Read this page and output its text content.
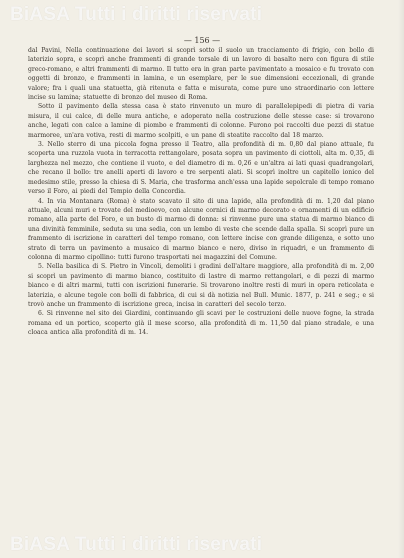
BiASA Tutti i diritti riservati
— 156 —

dal Pavini, Nella continuazione dei lavori si scoprì sotto il suolo un tracciamento di frigio, con bollo di laterizio sopra, e scoprì anche frammenti di grande torsale di un lavoro di basalto nero con figura di stile greco-romano, e altri frammenti di marmo. Il tutto era in gran parte pavimentato a mosaico e fu trovato con oggetti di bronzo, e frammenti in lamina, e un esemplare, per le sue dimensioni eccezionali, di grande valore; fra i quali una statuetta, già ritenuta e fatta e misurata, come pure uno straordinario con lettere incise su lamina; statuette di bronzo del museo di Roma.

Sotto il pavimento della stessa casa è stato rinvenuto un muro di parallelepipedi di pietra di varia misura, il cui calce, di delle mura antiche, e adoperato nella costruzione delle stesse case: si trovarono anche, legati con calce a lamine di piombo e frammenti di colonne. Furono poi raccolti due pezzi di statue marmoree, un'ara votiva, resti di marmo scolpiti, e un pane di steatite raccolto dal 18 marzo.

3. Nello sterro di una piccola fogna presso il Teatro, alla profondità di m. 0,80 dal piano attuale, fu scoperta una ruzzola vuota in terracotta rettangolare, posata sopra un pavimento di ciottoli, alta m. 0,35, di larghezza nel mezzo, che contiene il vuoto, e del diametro di m. 0,26 e un'altra ai lati quasi quadrangolari, che recano il bollo: tre anelli aperti di lavoro e tre serpenti alati. Si scoprì inoltre un capitello ionico del medesimo stile, presso la chiesa di S. Maria, che trasforma anch'essa una lapide sepolcrale di tempo romano verso il Foro, ai piedi del Tempio della Concordia.

4. In via Montanara (Roma) è stato scavato il sito di una lapide, alla profondità di m. 1,20 dal piano attuale, alcuni muri e trovate del medioevo, con alcune cornici di marmo decorato e ornamenti di un edificio romano, alla parte del Foro, e un busto di marmo di donna: si rinvenne pure una statua di marmo bianco di una divinità femminile, seduta su una sedia, con un lembo di veste che scende dalla spalla. Si scoprì pure un frammento di iscrizione in caratteri del tempo romano, con lettere incise con grande diligenza, e sotto uno strato di terra un pavimento a musaico di marmo bianco e nero, diviso in riquadri, e un frammento di colonna di marmo cipollino: tutti furono trasportati nei magazzini del Comune.

5. Nella basilica di S. Pietro in Vincoli, demoliti i gradini dell'altare maggiore, alla profondità di m. 2,00 si scoprì un pavimento di marmo bianco, costituito di lastre di marmo rettangolari, e di pezzi di marmo bianco e di altri marmi, tutti con iscrizioni funerarie. Si trovarono inoltre resti di muri in opera reticolata e laterizia, e alcune tegole con bolli di fabbrica, di cui si dà notizia nel Bull. Munic. 1877, p. 241 e seg.; e si trovò anche un frammento di iscrizione greca, incisa in caratteri del secolo terzo.

6. Si rinvenne nel sito dei Giardini, continuando gli scavi per le costruzioni delle nuove fogne, la strada romana ed un portico, scoperto già il mese scorso, alla profondità di m. 11,50 dal piano stradale, e una cloaca antica alla profondità di m. 14.

BiASA Tutti i diritti riservati
